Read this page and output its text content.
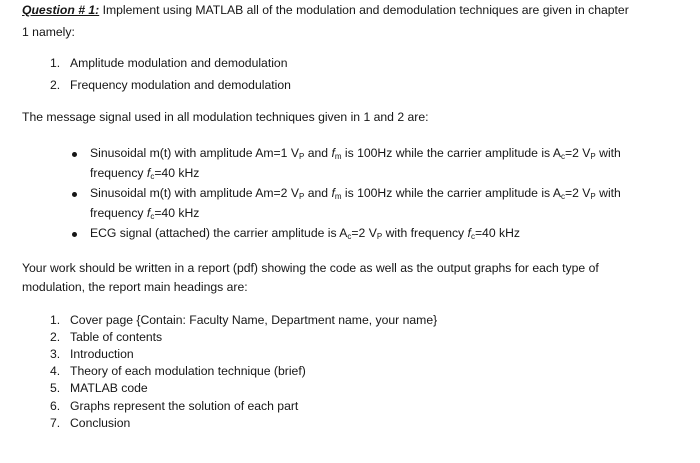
Question # 1: Implement using MATLAB all of the modulation and demodulation techniques are given in chapter
1 namely:
1. Amplitude modulation and demodulation
2. Frequency modulation and demodulation
The message signal used in all modulation techniques given in 1 and 2 are:
Sinusoidal m(t) with amplitude Am=1 $V_P$ and $f_m$ is 100Hz while the carrier amplitude is $A_c=2$ $V_P$ with
frequency $f_c=40$ kHz
Sinusoidal m(t) with amplitude Am=2 $V_P$ and $f_m$ is 100Hz while the carrier amplitude is $A_c=2$ $V_P$ with
frequency $f_c=40$ kHz
ECG signal (attached) the carrier amplitude is $A_c=2$ $V_P$ with frequency $f_c=40$ kHz
Your work should be written in a report (pdf) showing the code as well as the output graphs for each type of
modulation, the report main headings are:
1. Cover page {Contain: Faculty Name, Department name, your name}
2. Table of contents
3. Introduction
4. Theory of each modulation technique (brief)
5. MATLAB code
6. Graphs represent the solution of each part
7. Conclusion
